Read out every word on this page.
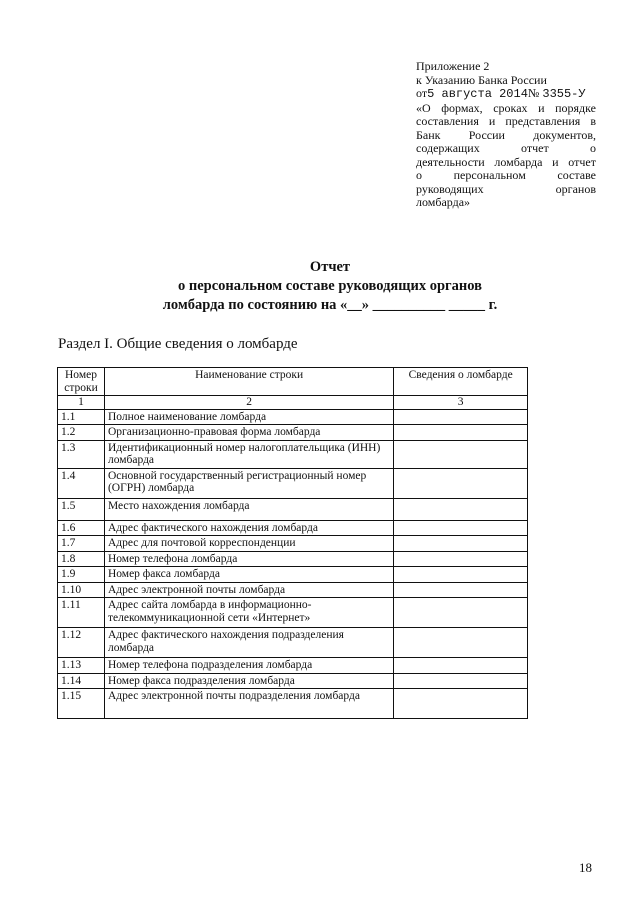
Приложение 2
к Указанию Банка России
от5 августа 2014№ 3355-У
«О формах, сроках и порядке
составления и представления в
Банк России документов,
содержащих отчет о
деятельности ломбарда и отчет
о персональном составе
руководящих органов
ломбарда»
Отчет
о персональном составе руководящих органов
ломбарда по состоянию на «__» __________ _____ г.
Раздел I. Общие сведения о ломбарде
Номер строки	Наименование строки	Сведения о ломбарде
1	2	3
1.1	Полное наименование ломбарда	
1.2	Организационно-правовая форма ломбарда	
1.3	Идентификационный номер налогоплательщика (ИНН) ломбарда	
1.4	Основной государственный регистрационный номер (ОГРН) ломбарда	
1.5	Место нахождения ломбарда	
1.6	Адрес фактического нахождения ломбарда	
1.7	Адрес для почтовой корреспонденции	
1.8	Номер телефона ломбарда	
1.9	Номер факса ломбарда	
1.10	Адрес электронной почты ломбарда	
1.11	Адрес сайта ломбарда в информационно-телекоммуникационной сети «Интернет»	
1.12	Адрес фактического нахождения подразделения ломбарда	
1.13	Номер телефона подразделения ломбарда	
1.14	Номер факса подразделения ломбарда	
1.15	Адрес электронной почты подразделения ломбарда	
18
